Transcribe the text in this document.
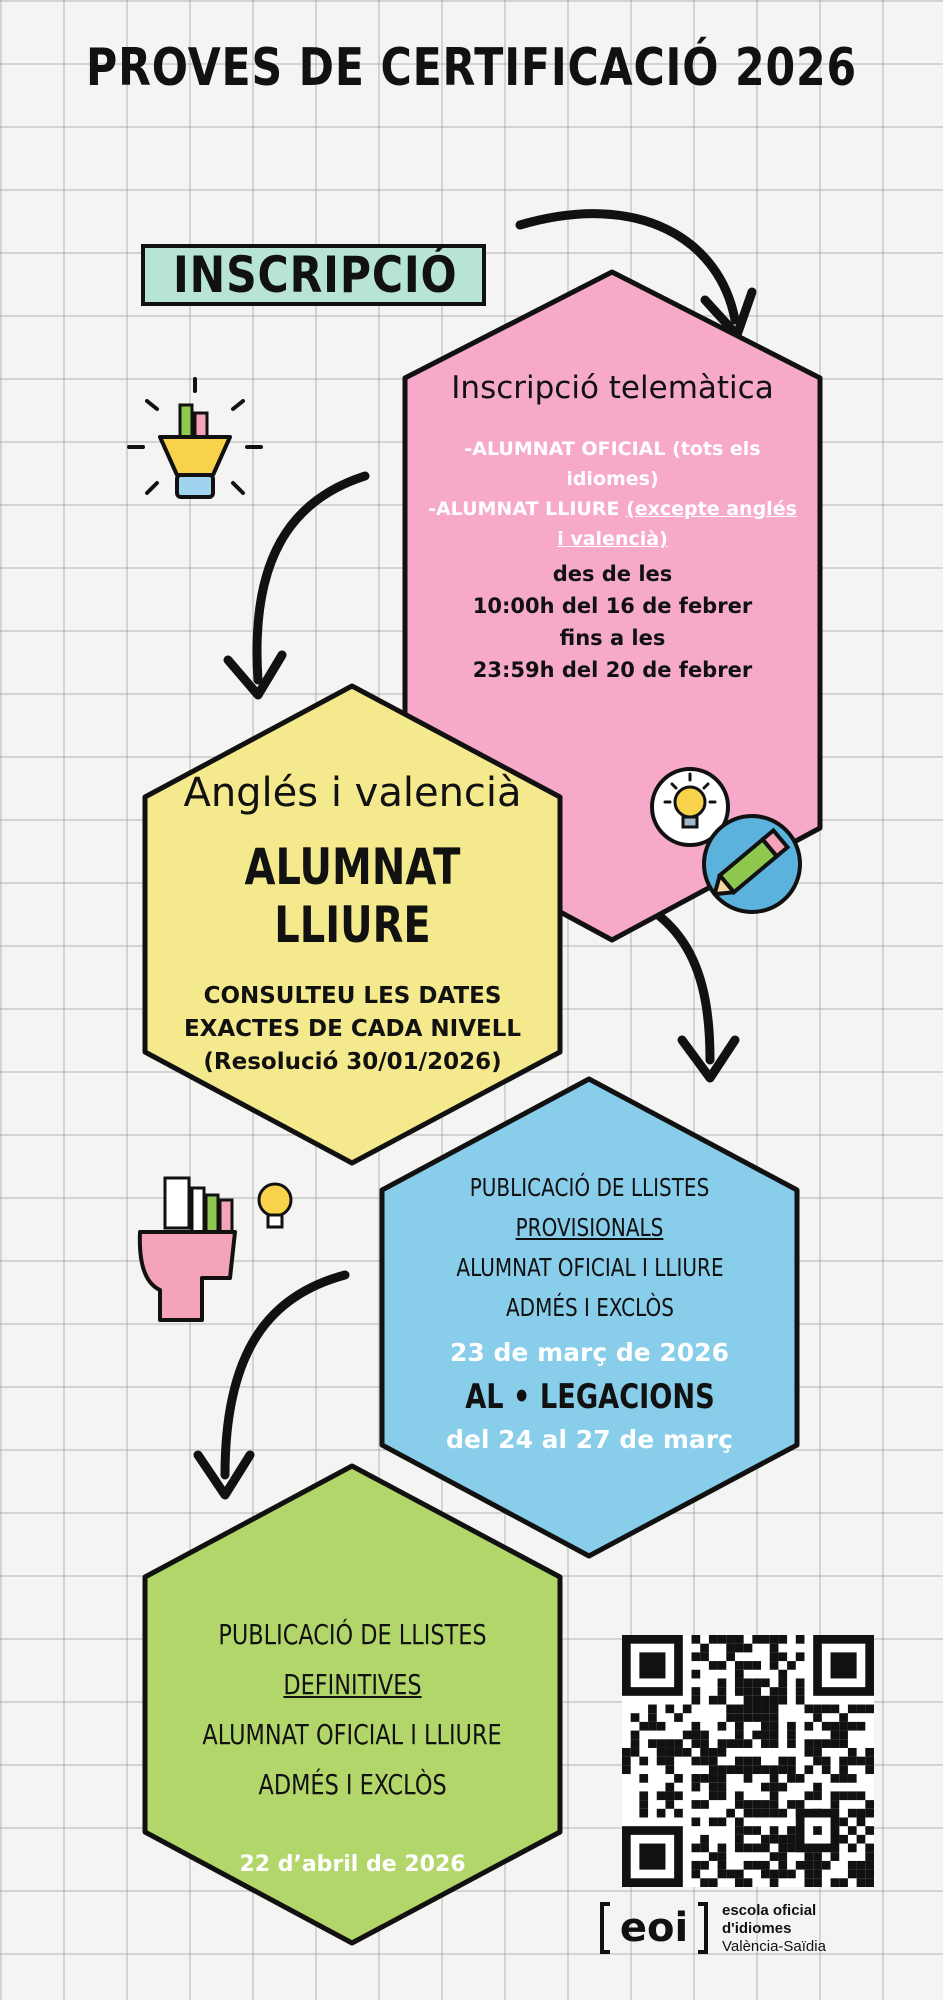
PROVES DE CERTIFICACIÓ 2026
INSCRIPCIÓ
Inscripció telemàtica
-ALUMNAT OFICIAL (tots els
idiomes)
-ALUMNAT LLIURE (excepte anglés
i valencià)
des de les
10:00h del 16 de febrer
fins a les
23:59h del 20 de febrer
Anglés i valencià
ALUMNAT LLIURE
CONSULTEU LES DATES
EXACTES DE CADA NIVELL
(Resolució 30/01/2026)
PUBLICACIÓ DE LLISTES PROVISIONALS
ALUMNAT OFICIAL I LLIURE
ADMÉS I EXCLÒS
23 de març de 2026
AL • LEGACIONS
del 24 al 27 de març
PUBLICACIÓ DE LLISTES DEFINITIVES
ALUMNAT OFICIAL I LLIURE
ADMÉS I EXCLÒS
22 d’abril de 2026
eoi	escola oficial
d'idiomes
València-Saïdia
